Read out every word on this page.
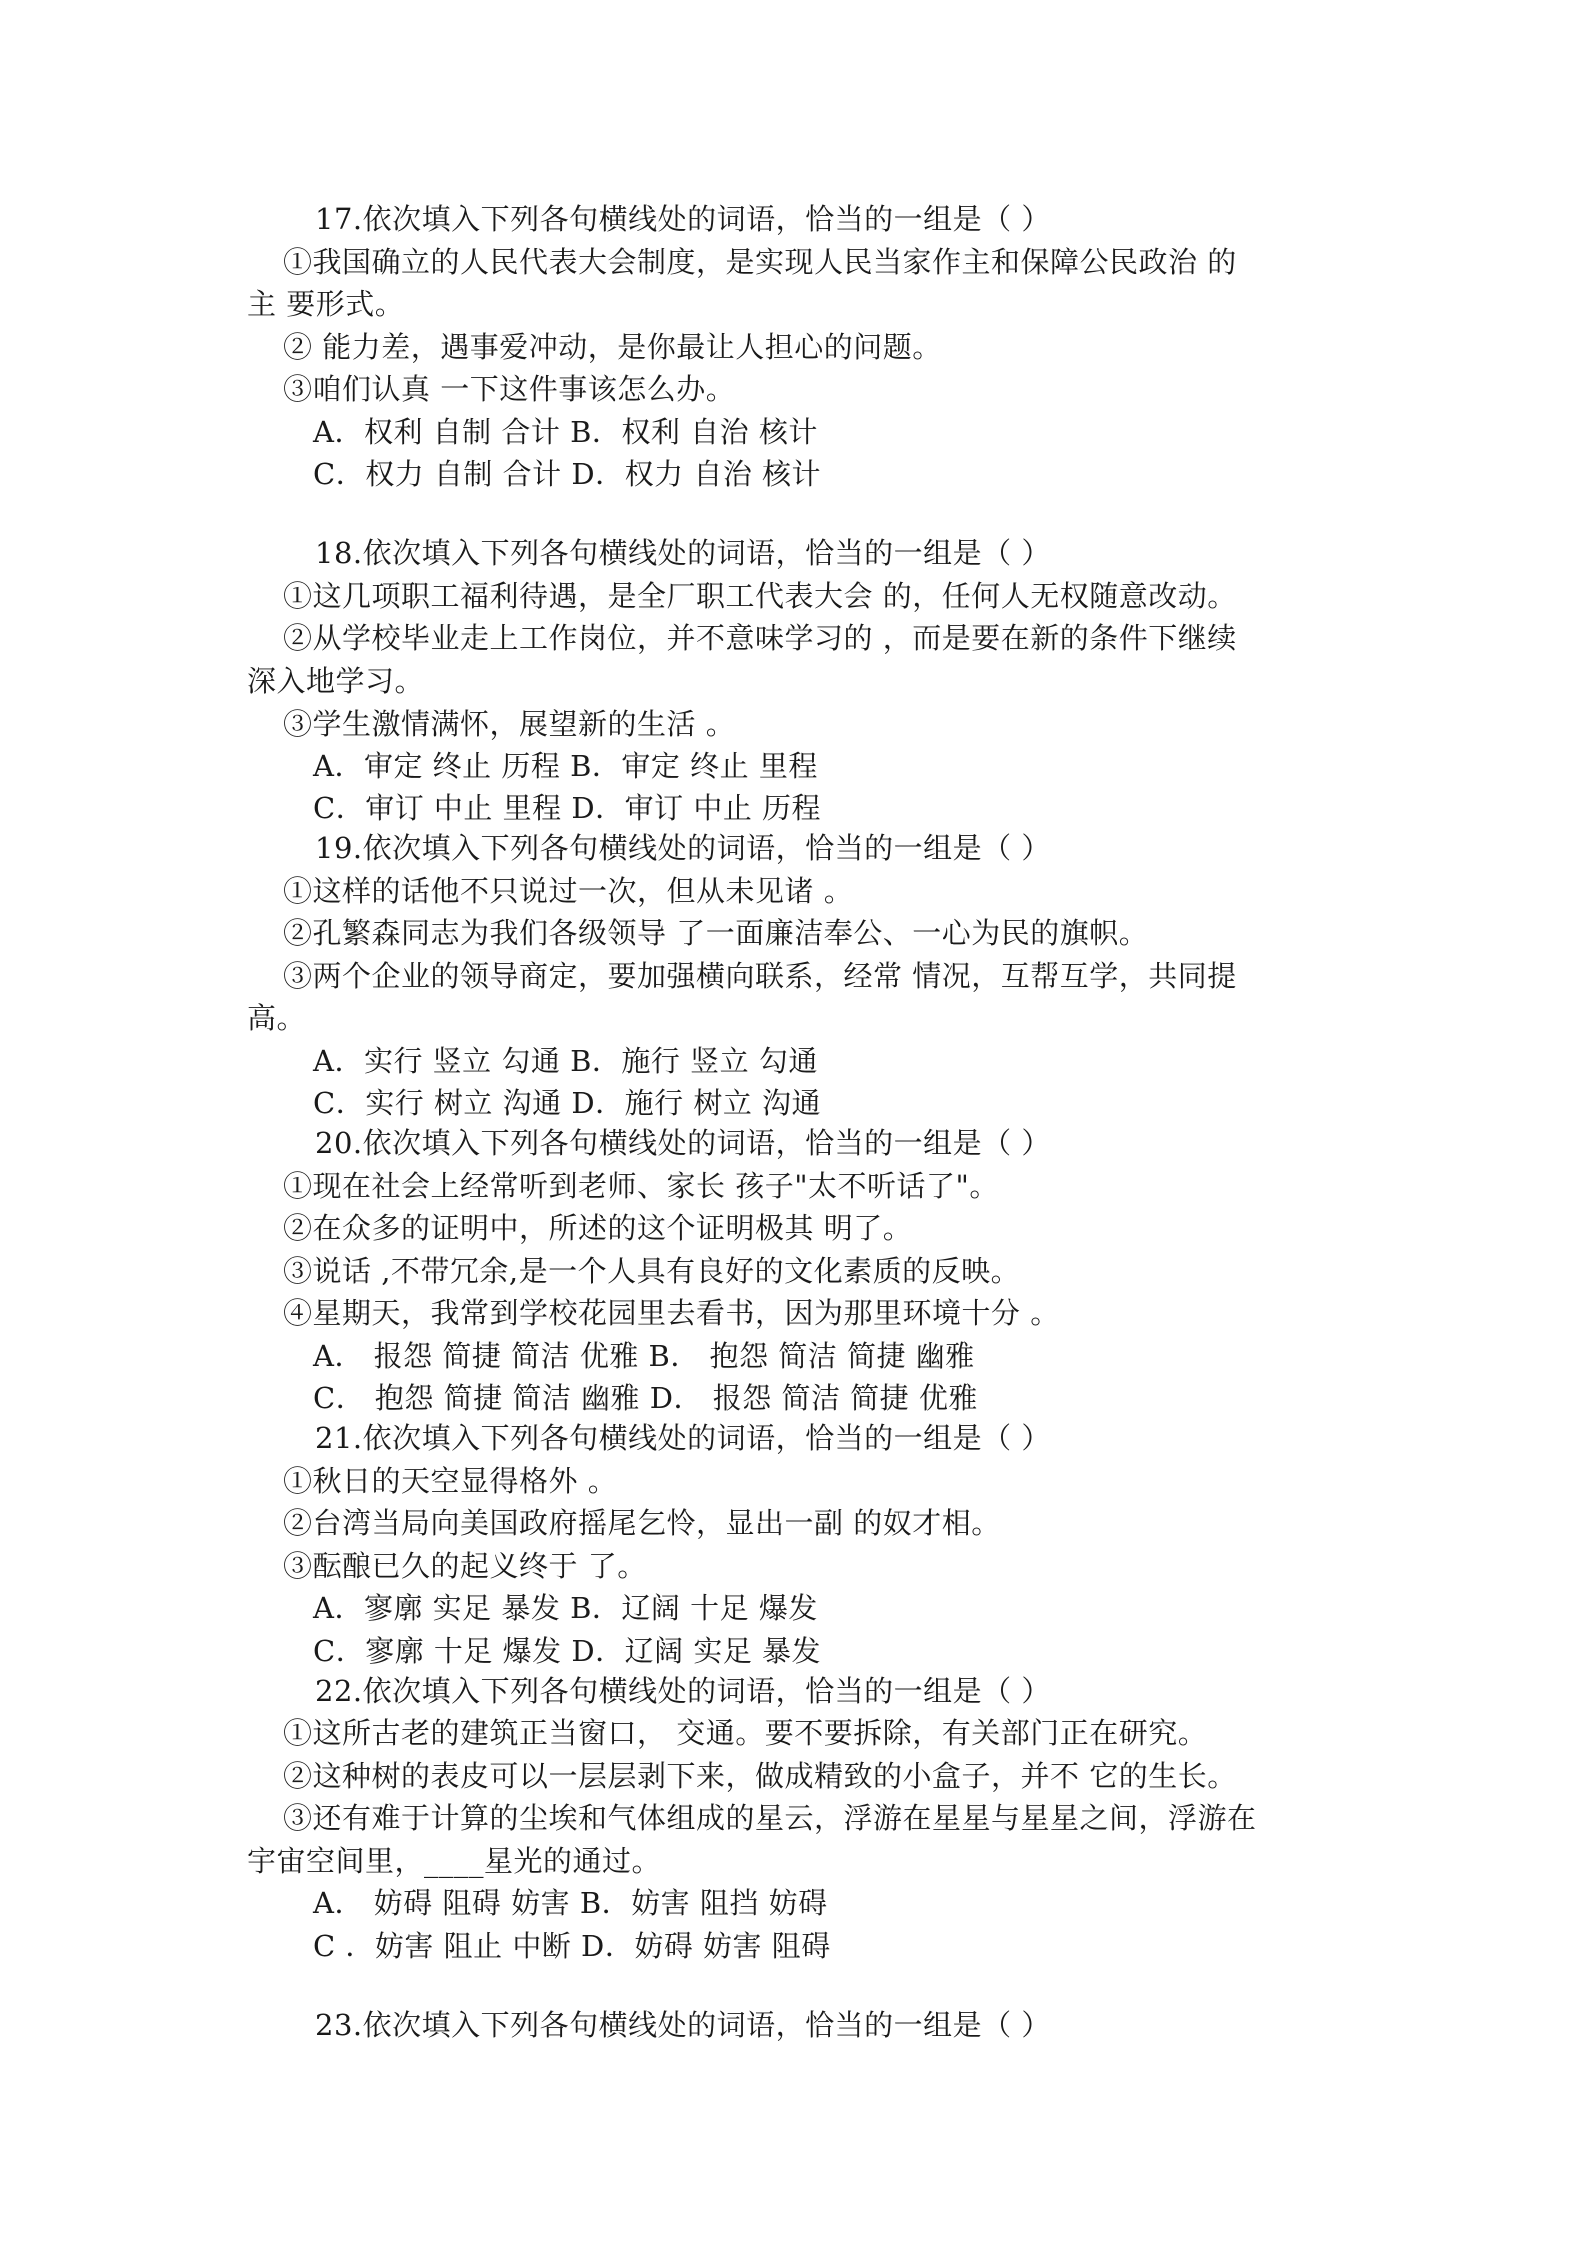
17.依次填入下列各句横线处的词语，恰当的一组是（ ）
①我国确立的人民代表大会制度，是实现人民当家作主和保障公民政治 的
主 要形式。
② 能力差，遇事爱冲动，是你最让人担心的问题。
③咱们认真 一下这件事该怎么办。
A．权利 自制 合计 B．权利 自治 核计
C．权力 自制 合计 D．权力 自治 核计
18.依次填入下列各句横线处的词语，恰当的一组是（ ）
①这几项职工福利待遇，是全厂职工代表大会 的，任何人无权随意改动。
②从学校毕业走上工作岗位，并不意味学习的 ，而是要在新的条件下继续
深入地学习。
③学生激情满怀，展望新的生活 。
A．审定 终止 历程 B．审定 终止 里程
C．审订 中止 里程 D．审订 中止 历程
19.依次填入下列各句横线处的词语，恰当的一组是（ ）
①这样的话他不只说过一次，但从未见诸 。
②孔繁森同志为我们各级领导 了一面廉洁奉公、一心为民的旗帜。
③两个企业的领导商定，要加强横向联系，经常 情况，互帮互学，共同提
高。
A．实行 竖立 勾通 B．施行 竖立 勾通
C．实行 树立 沟通 D．施行 树立 沟通
20.依次填入下列各句横线处的词语，恰当的一组是（ ）
①现在社会上经常听到老师、家长 孩子"太不听话了"。
②在众多的证明中，所述的这个证明极其 明了。
③说话 ,不带冗余,是一个人具有良好的文化素质的反映。
④星期天，我常到学校花园里去看书，因为那里环境十分 。
A． 报怨 简捷 简洁 优雅 B． 抱怨 简洁 简捷 幽雅
C． 抱怨 简捷 简洁 幽雅 D． 报怨 简洁 简捷 优雅
21.依次填入下列各句横线处的词语，恰当的一组是（ ）
①秋日的天空显得格外 。
②台湾当局向美国政府摇尾乞怜，显出一副 的奴才相。
③酝酿已久的起义终于 了。
A．寥廓 实足 暴发 B．辽阔 十足 爆发
C．寥廓 十足 爆发 D．辽阔 实足 暴发
22.依次填入下列各句横线处的词语，恰当的一组是（ ）
①这所古老的建筑正当窗口， 交通。要不要拆除，有关部门正在研究。
②这种树的表皮可以一层层剥下来，做成精致的小盒子，并不 它的生长。
③还有难于计算的尘埃和气体组成的星云，浮游在星星与星星之间，浮游在
宇宙空间里，____星光的通过。
A． 妨碍 阻碍 妨害 B．妨害 阻挡 妨碍
C ．妨害 阻止 中断 D．妨碍 妨害 阻碍
23.依次填入下列各句横线处的词语，恰当的一组是（ ）
